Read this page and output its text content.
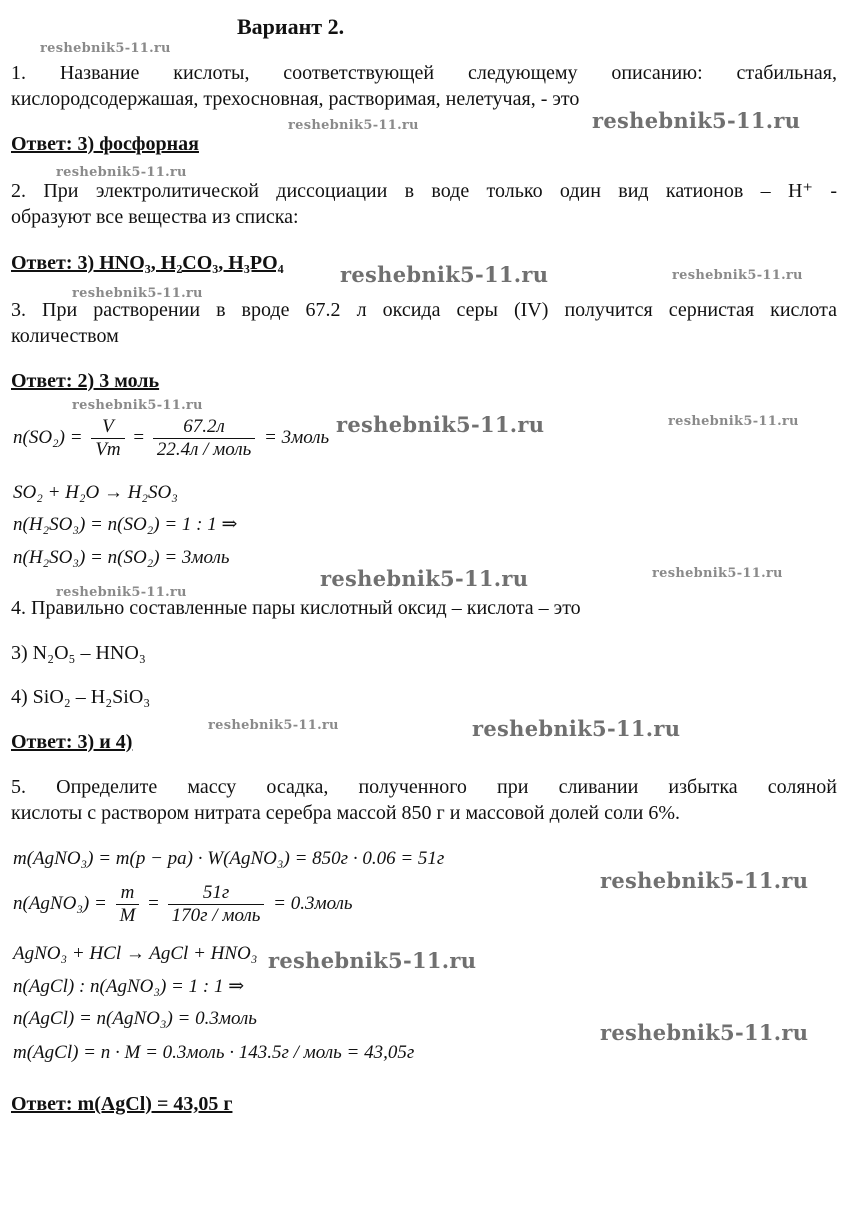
Вариант 2.
1. Название кислоты, соответствующей следующему описанию: стабильная,
кислородсодержашая, трехосновная, растворимая, нелетучая, - это
Ответ: 3) фосфорная
2. При электролитической диссоциации в воде только один вид катионов – H⁺ -
образуют все вещества из списка:
Ответ: 3) HNO₃, H₂CO₃, H₃PO₄
3. При растворении в вроде 67.2 л оксида серы (IV) получится сернистая кислота
количеством
Ответ: 2) 3 моль
$n(SO_2) = \frac{V}{Vm} = \frac{67.2л}{\text{22.4л / моль}}$ = 3моль
SO₂ + H₂O → H₂SO₃
n(H₂SO₃) = n(SO₂) = 1 : 1 ⇒
n(H₂SO₃) = n(SO₂) = 3моль
4. Правильно составленные пары кислотный оксид – кислота – это
3) N₂O₅ – HNO₃
4) SiO₂ – H₂SiO₃
Ответ: 3) и 4)
5. Определите массу осадка, полученного при сливании избытка соляной
кислоты с раствором нитрата серебра массой 850 г и массовой долей соли 6%.
m(AgNO₃) = m(p − pa) · W(AgNO₃) = 850г · 0.06 = 51г
n(AgNO₃) = $\frac{m}{M} = \frac{51г}{\text{170г / моль}}$ = 0.3моль
AgNO₃ + HCl → AgCl + HNO₃
n(AgCl) : n(AgNO₃) = 1 : 1 ⇒
n(AgCl) = n(AgNO₃) = 0.3моль
m(AgCl) = n · M = 0.3моль · 143.5г / моль = 43,05г
Ответ: m(AgCl) = 43,05 г
reshebnik5-11.ru
reshebnik5-11.ru	reshebnik5-11.ru
reshebnik5-11.ru
reshebnik5-11.ru	reshebnik5-11.ru
reshebnik5-11.ru
reshebnik5-11.ru
reshebnik5-11.ru	reshebnik5-11.ru
reshebnik5-11.ru	reshebnik5-11.ru
reshebnik5-11.ru
reshebnik5-11.ru	reshebnik5-11.ru
reshebnik5-11.ru
reshebnik5-11.ru
reshebnik5-11.ru
